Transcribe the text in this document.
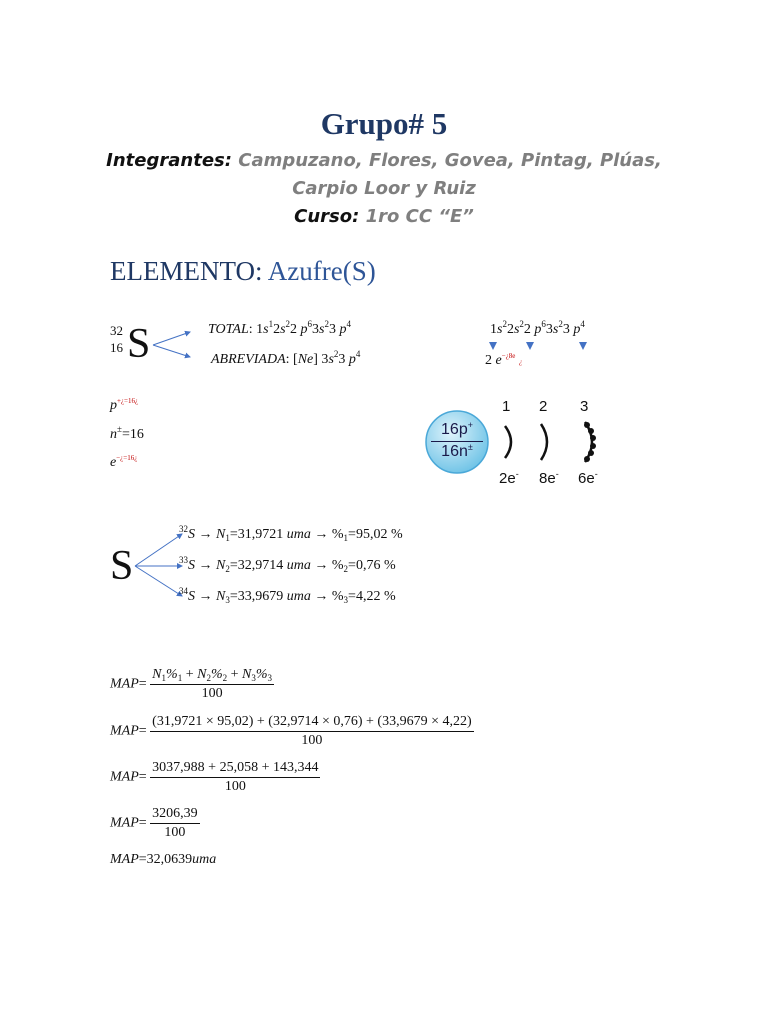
Grupo# 5
Integrantes: Campuzano, Flores, Govea, Pintag, Plúas,
Carpio Loor y Ruiz
Curso: 1ro CC “E”
ELEMENTO: Azufre(S)
32
16 S	TOTAL: $1s^12s^22$ $p^63s^23$ $p^4$
ABREVIADA: [Ne] $3s^23$ $p^4$
$1s^22s^22$ $p^63s^23$ $p^4$
2 $e^{-¿8e}$ ¿
$p^{+¿=16¿}$
n±=16
$e^{-¿=16¿}$
16p+
16n±
1 2 3
2e- 8e- 6e-
S
$^{32}S \to N_1=31,9721$ uma → $\%_1=95,02$ %
$^{33}S \to N_2=32,9714$ uma → $\%_2=0,76$ %
$^{34}S \to N_3=33,9679$ uma → $\%_3=4,22$ %
$MAP= \frac{N_1\%_1 + N_2\%_2 + N_3\%_3}{100}$
$MAP= \frac{(31,9721 \times 95,02) + (32,9714 \times 0,76) + (33,9679 \times 4,22)}{100}$
$MAP= \frac{3037,988 + 25,058 + 143,344}{100}$
$MAP= \frac{3206,39}{100}$
MAP=32,0639uma
